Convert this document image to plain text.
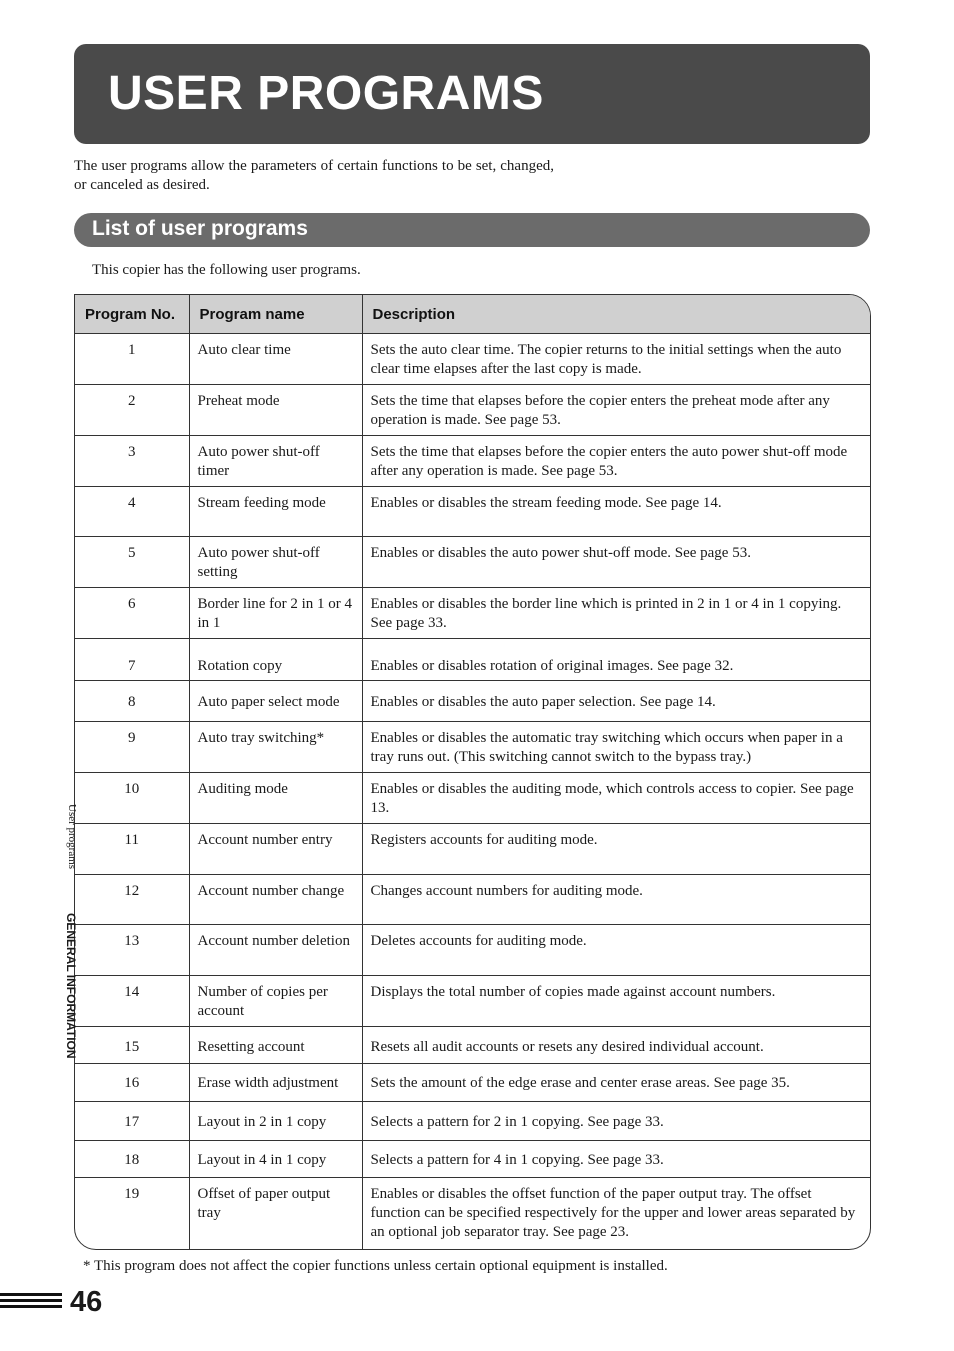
USER PROGRAMS

The user programs allow the parameters of certain functions to be set, changed, or canceled as desired.

List of user programs

This copier has the following user programs.

Program No.	Program name	Description
1	Auto clear time	Sets the auto clear time. The copier returns to the initial settings when the auto clear time elapses after the last copy is made.
2	Preheat mode	Sets the time that elapses before the copier enters the preheat mode after any operation is made. See page 53.
3	Auto power shut-off timer	Sets the time that elapses before the copier enters the auto power shut-off mode after any operation is made. See page 53.
4	Stream feeding mode	Enables or disables the stream feeding mode. See page 14.
5	Auto power shut-off setting	Enables or disables the auto power shut-off mode. See page 53.
6	Border line for 2 in 1 or 4 in 1	Enables or disables the border line which is printed in 2 in 1 or 4 in 1 copying. See page 33.
7	Rotation copy	Enables or disables rotation of original images. See page 32.
8	Auto paper select mode	Enables or disables the auto paper selection. See page 14.
9	Auto tray switching*	Enables or disables the automatic tray switching which occurs when paper in a tray runs out. (This switching cannot switch to the bypass tray.)
10	Auditing mode	Enables or disables the auditing mode, which controls access to copier. See page 13.
11	Account number entry	Registers accounts for auditing mode.
12	Account number change	Changes account numbers for auditing mode.
13	Account number deletion	Deletes accounts for auditing mode.
14	Number of copies per account	Displays the total number of copies made against account numbers.
15	Resetting account	Resets all audit accounts or resets any desired individual account.
16	Erase width adjustment	Sets the amount of the edge erase and center erase areas. See page 35.
17	Layout in 2 in 1 copy	Selects a pattern for 2 in 1 copying. See page 33.
18	Layout in 4 in 1 copy	Selects a pattern for 4 in 1 copying. See page 33.
19	Offset of paper output tray	Enables or disables the offset function of the paper output tray. The offset function can be specified respectively for the upper and lower areas separated by an optional job separator tray. See page 23.

* This program does not affect the copier functions unless certain optional equipment is installed.

User programs
GENERAL INFORMATION
46
